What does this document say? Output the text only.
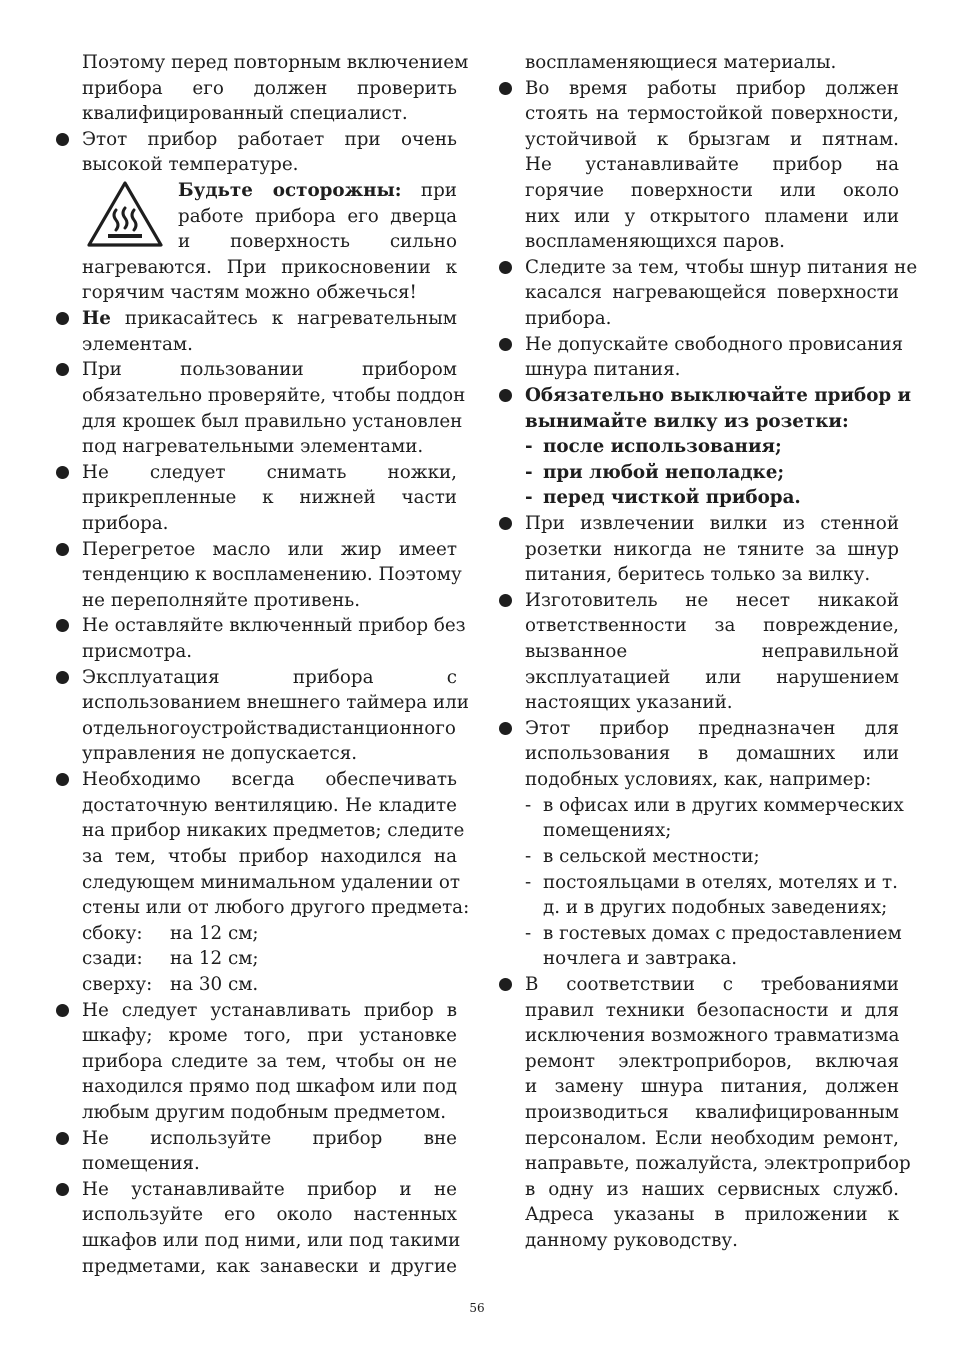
Поэтому перед повторным включением
прибора его должен проверить
квалифицированный специалист.
Этот прибор работает при очень
высокой температуре.
Будьте осторожны: при
работе прибора его дверца
и поверхность сильно
нагреваются. При прикосновении к
горячим частям можно обжечься!
Не прикасайтесь к нагревательным
элементам.
При пользовании прибором
обязательно проверяйте, чтобы поддон
для крошек был правильно установлен
под нагревательными элементами.
Не следует снимать ножки,
прикрепленные к нижней части
прибора.
Перегретое масло или жир имеет
тенденцию к воспламенению. Поэтому
не переполняйте противень.
Не оставляйте включенный прибор без
присмотра.
Эксплуатация прибора с
использованием внешнего таймера или
отдельногоустройствадистанционного
управления не допускается.
Необходимо всегда обеспечивать
достаточную вентиляцию. Не кладите
на прибор никаких предметов; следите
за тем, чтобы прибор находился на
следующем минимальном удалении от
стены или от любого другого предмета:
сбоку: на 12 см;
сзади: на 12 см;
сверху: на 30 см.
Не следует устанавливать прибор в
шкафу; кроме того, при установке
прибора следите за тем, чтобы он не
находился прямо под шкафом или под
любым другим подобным предметом.
Не используйте прибор вне
помещения.
Не устанавливайте прибор и не
используйте его около настенных
шкафов или под ними, или под такими
предметами, как занавески и другие
воспламеняющиеся материалы.
Во время работы прибор должен
стоять на термостойкой поверхности,
устойчивой к брызгам и пятнам.
Не устанавливайте прибор на
горячие поверхности или около
них или у открытого пламени или
воспламеняющихся паров.
Следите за тем, чтобы шнур питания не
касался нагревающейся поверхности
прибора.
Не допускайте свободного провисания
шнура питания.
Обязательно выключайте прибор и
вынимайте вилку из розетки:
- после использования;
- при любой неполадке;
- перед чисткой прибора.
При извлечении вилки из стенной
розетки никогда не тяните за шнур
питания, беритесь только за вилку.
Изготовитель не несет никакой
ответственности за повреждение,
вызванное неправильной
эксплуатацией или нарушением
настоящих указаний.
Этот прибор предназначен для
использования в домашних или
подобных условиях, как, например:
- в офисах или в других коммерческих
помещениях;
- в сельской местности;
- постояльцами в отелях, мотелях и т.
д. и в других подобных заведениях;
- в гостевых домах с предоставлением
ночлега и завтрака.
В соответствии с требованиями
правил техники безопасности и для
исключения возможного травматизма
ремонт электроприборов, включая
и замену шнура питания, должен
производиться квалифицированным
персоналом. Если необходим ремонт,
направьте, пожалуйста, электроприбор
в одну из наших сервисных служб.
Адреса указаны в приложении к
данному руководству.
56
